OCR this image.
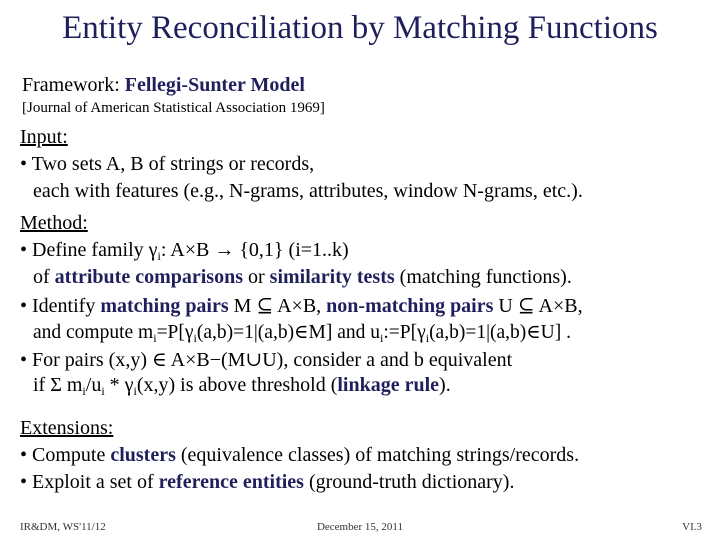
Entity Reconciliation by Matching Functions
Framework: Fellegi-Sunter Model
[Journal of American Statistical Association 1969]
Input:
• Two sets A, B of strings or records,
each with features (e.g., N-grams, attributes, window N-grams, etc.).
Method:
• Define family $\gamma_i$: A×B → {0,1} (i=1..k)
of attribute comparisons or similarity tests (matching functions).
• Identify matching pairs M ⊆ A×B, non-matching pairs U ⊆ A×B,
and compute $m_i=P[\gamma_i(a,b)=1|(a,b)\in M]$ and $u_i:=P[\gamma_i(a,b)=1|(a,b)\in U]$ .
• For pairs (x,y) ∈ A×B−(M∪U), consider a and b equivalent
if Σ $m_i/u_i * \gamma_i(x,y)$ is above threshold (linkage rule).
Extensions:
• Compute clusters (equivalence classes) of matching strings/records.
• Exploit a set of reference entities (ground-truth dictionary).
IR&DM, WS'11/12	December 15, 2011	VI.3
